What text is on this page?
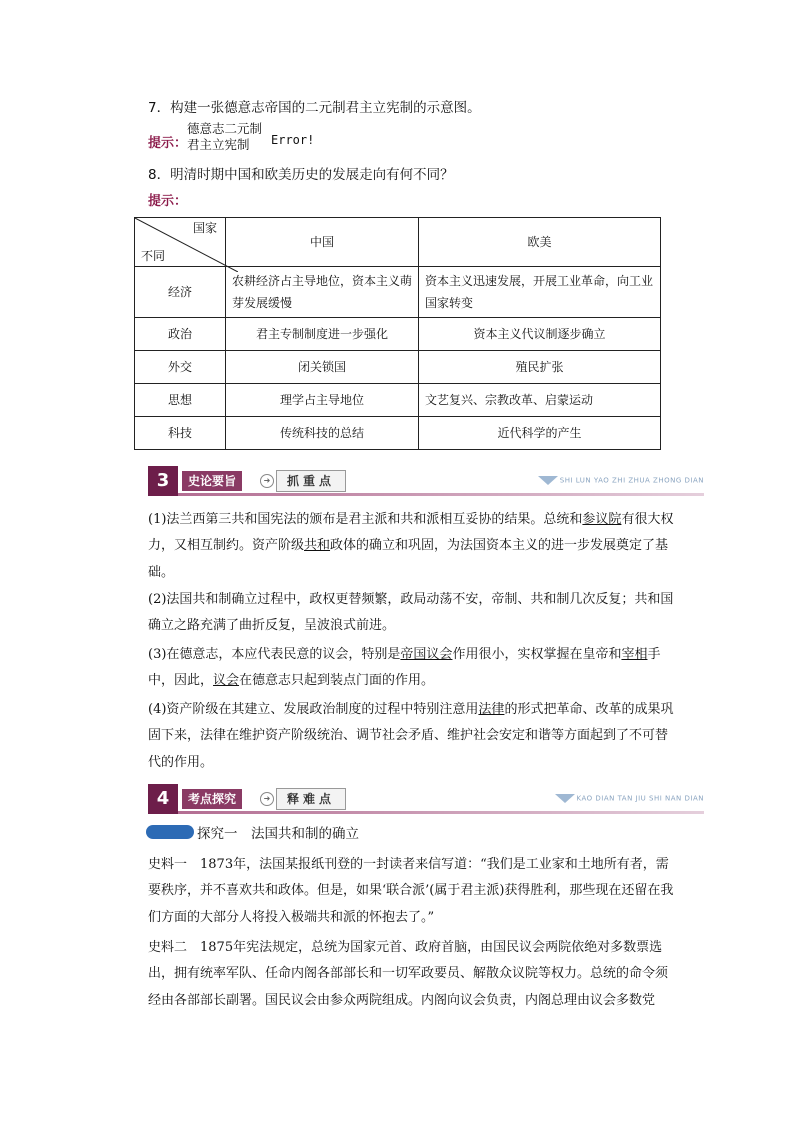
7．构建一张德意志帝国的二元制君主立宪制的示意图。
提示：
德意志二元制
君主立宪制 Error!
8．明清时期中国和欧美历史的发展走向有何不同？
提示：
国家
不同	中国	欧美
经济	农耕经济占主导地位，资本主义萌芽发展缓慢	资本主义迅速发展，开展工业革命，向工业国家转变
政治	君主专制制度进一步强化	资本主义代议制逐步确立
外交	闭关锁国	殖民扩张
思想	理学占主导地位	文艺复兴、宗教改革、启蒙运动
科技	传统科技的总结	近代科学的产生
3	史论要旨	➜	抓重点	SHI LUN YAO ZHI ZHUA ZHONG DIAN
(1)法兰西第三共和国宪法的颁布是君主派和共和派相互妥协的结果。总统和参议院有很大权力，又相互制约。资产阶级共和政体的确立和巩固，为法国资本主义的进一步发展奠定了基础。
(2)法国共和制确立过程中，政权更替频繁，政局动荡不安，帝制、共和制几次反复；共和国确立之路充满了曲折反复，呈波浪式前进。
(3)在德意志，本应代表民意的议会，特别是帝国议会作用很小，实权掌握在皇帝和宰相手中，因此，议会在德意志只起到装点门面的作用。
(4)资产阶级在其建立、发展政治制度的过程中特别注意用法律的形式把革命、改革的成果巩固下来，法律在维护资产阶级统治、调节社会矛盾、维护社会安定和谐等方面起到了不可替代的作用。
4	考点探究	➜	释难点	KAO DIAN TAN JIU SHI NAN DIAN
探究一　法国共和制的确立
史料一　1873年，法国某报纸刊登的一封读者来信写道：“我们是工业家和土地所有者，需要秩序，并不喜欢共和政体。但是，如果‘联合派’(属于君主派)获得胜利，那些现在还留在我们方面的大部分人将投入极端共和派的怀抱去了。”
史料二　1875年宪法规定，总统为国家元首、政府首脑，由国民议会两院依绝对多数票选出，拥有统率军队、任命内阁各部部长和一切军政要员、解散众议院等权力。总统的命令须经由各部部长副署。国民议会由参众两院组成。内阁向议会负责，内阁总理由议会多数党
